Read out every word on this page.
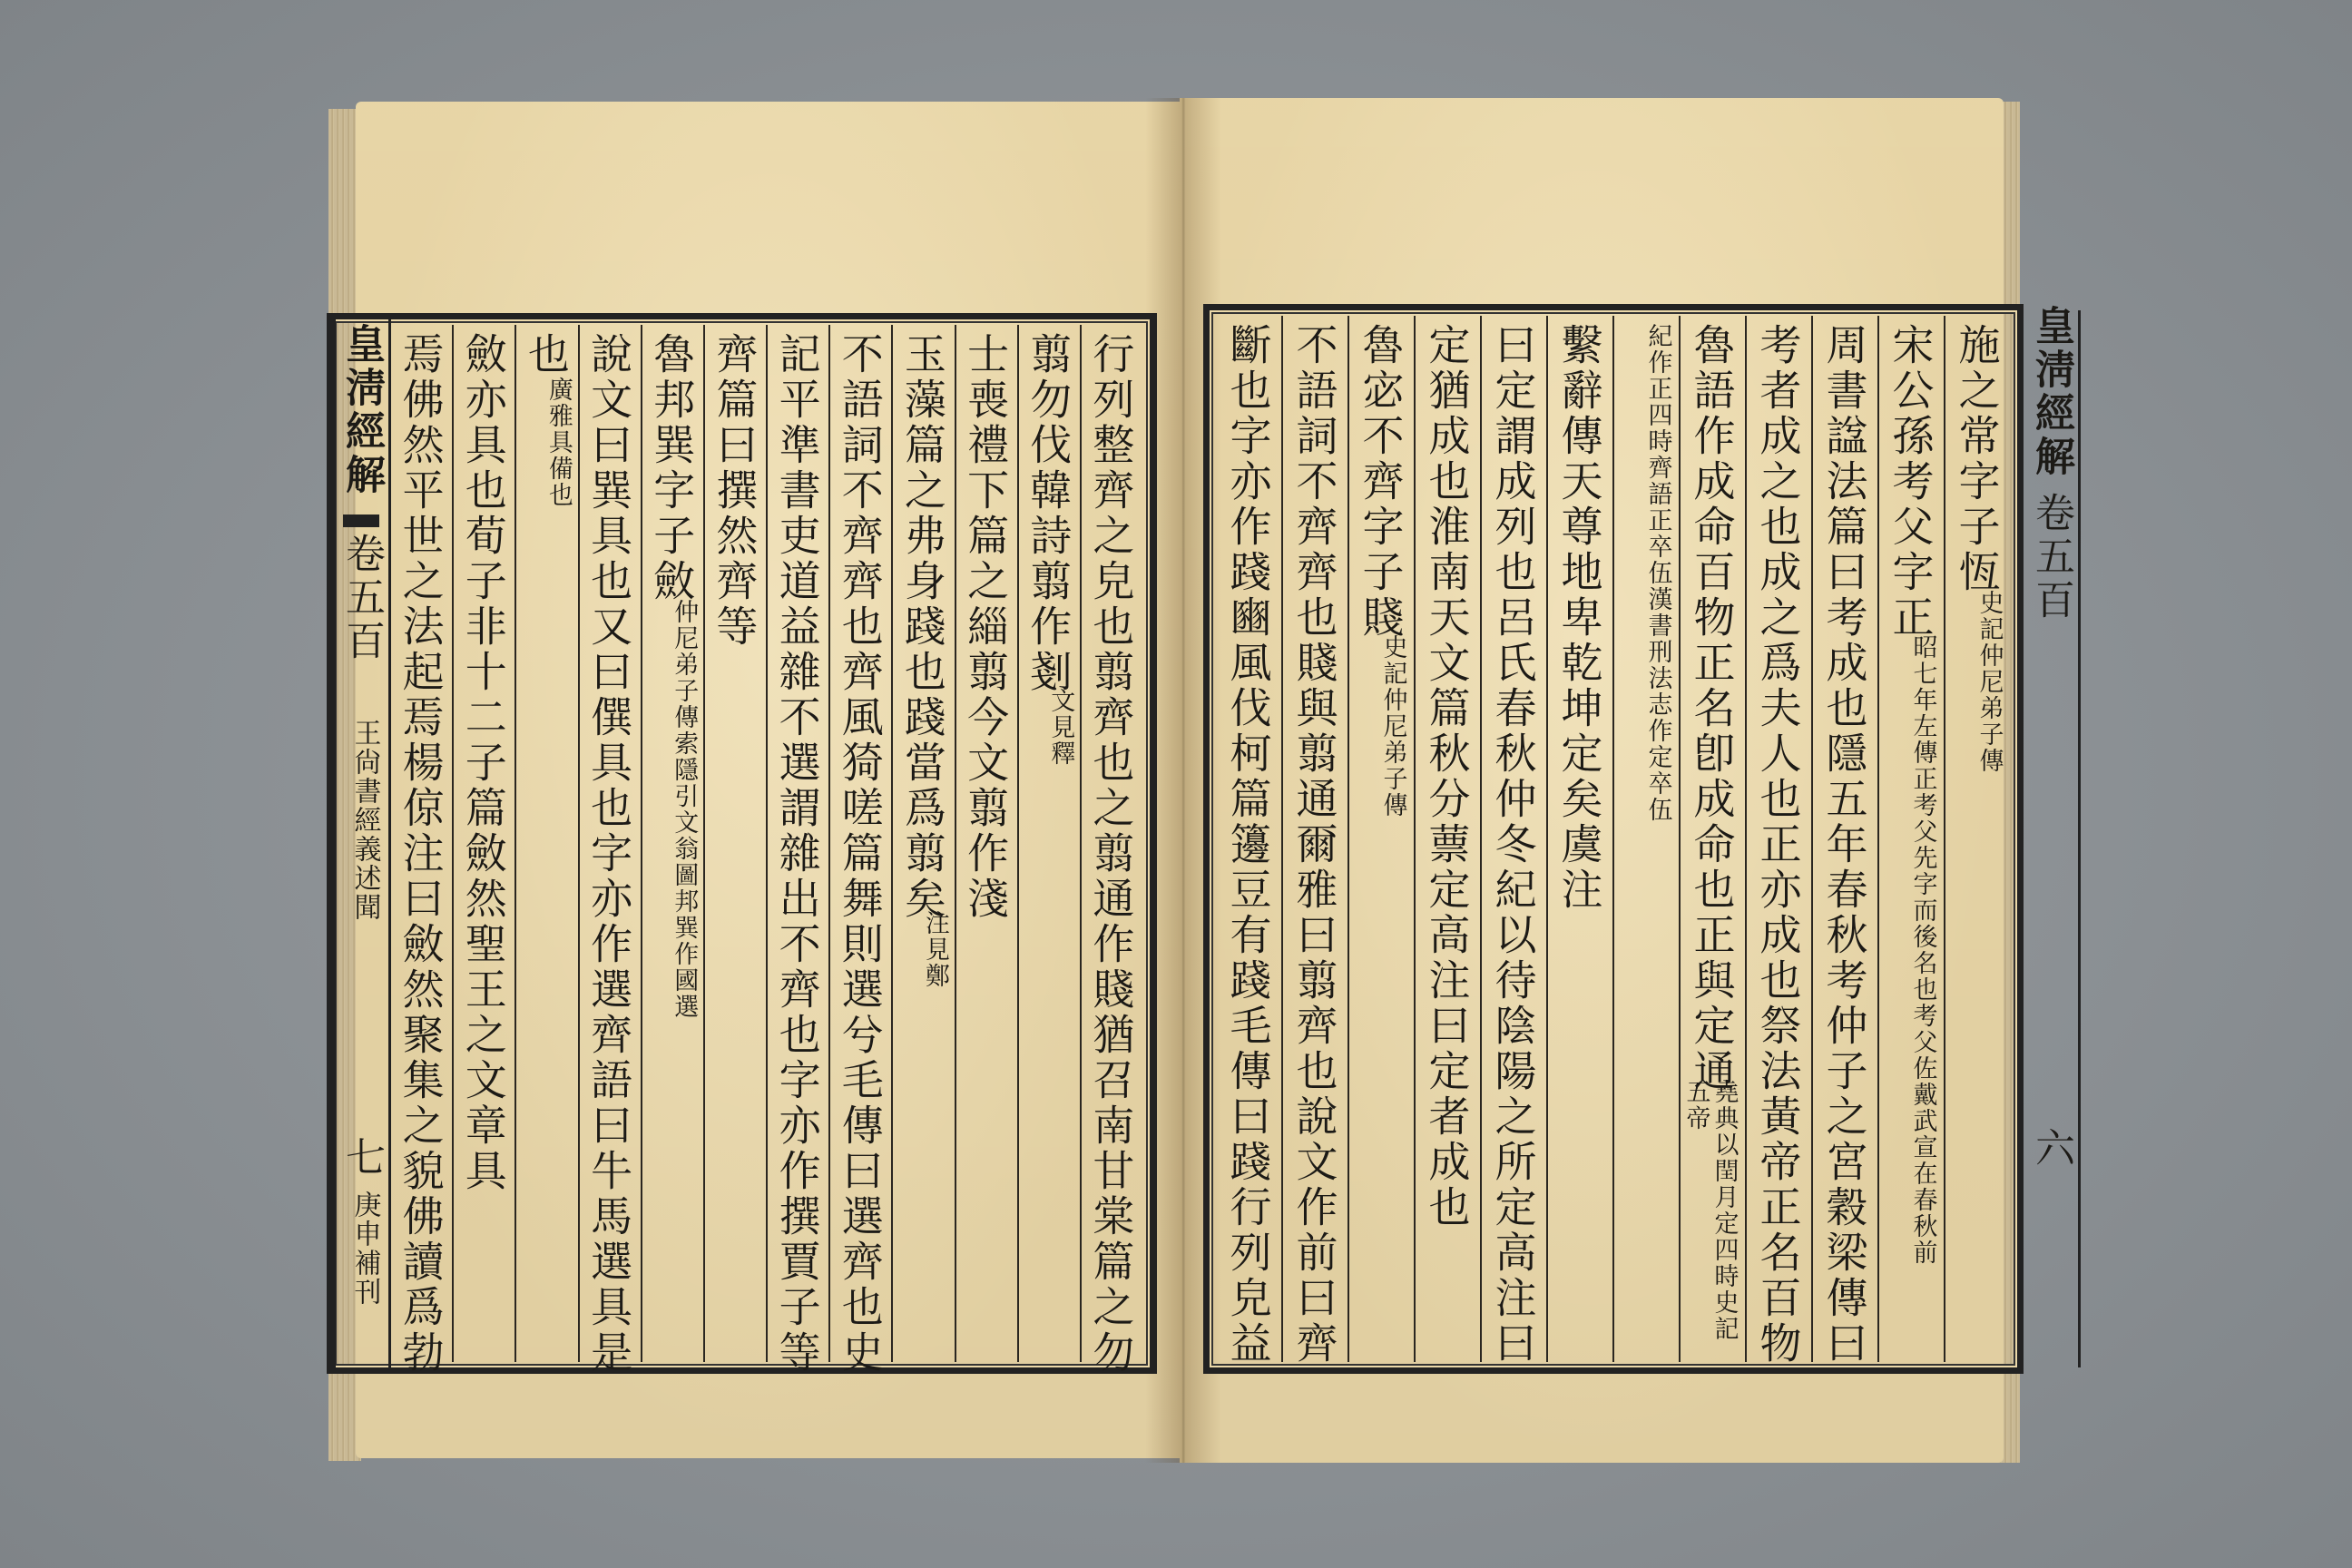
皇淸經解
卷五百
王尙書經義述聞
七
庚申補刊	行列整齊之皃也翦齊也之翦通作賤猶召南甘棠篇之勿
翦勿伐韓詩翦作剗
文見釋
士喪禮下篇之緇翦今文翦作淺
玉藻篇之弗身踐也踐當爲翦矣
注見鄭
不語詞不齊齊也齊風猗嗟篇舞則選兮毛傳曰選齊也史
記平準書吏道益雜不選謂雜出不齊也字亦作撰賈子等
齊篇曰撰然齊等
魯邦巽字子斂
仲尼弟子傳索隱引文翁圖邦巽作國選
說文曰巽具也又曰僎具也字亦作選齊語曰牛馬選具是
也
廣雅具備也
斂亦具也荀子非十二子篇斂然聖王之文章具
焉佛然平世之法起焉楊倞注曰斂然聚集之貌佛讀爲勃	施之常字子恆
史記仲尼弟子傳
宋公孫考父字正
昭七年左傳正考父先字而後名也考父佐戴武宣在春秋前
周書諡法篇曰考成也隱五年春秋考仲子之宮穀梁傳曰
考者成之也成之爲夫人也正亦成也祭法黃帝正名百物
魯語作成命百物正名卽成命也正與定通
堯典以閏月定四時史記五帝
紀作正四時齊語正卒伍漢書刑法志作定卒伍
繫辭傳天尊地卑乾坤定矣虞注
曰定謂成列也呂氏春秋仲冬紀以待陰陽之所定高注曰
定猶成也淮南天文篇秋分蔈定高注曰定者成也
魯宓不齊字子賤
史記仲尼弟子傳
不語詞不齊齊也賤與翦通爾雅曰翦齊也說文作前曰齊
斷也字亦作踐豳風伐柯篇籩豆有踐毛傳曰踐行列皃益	皇淸經解
卷五百
六
